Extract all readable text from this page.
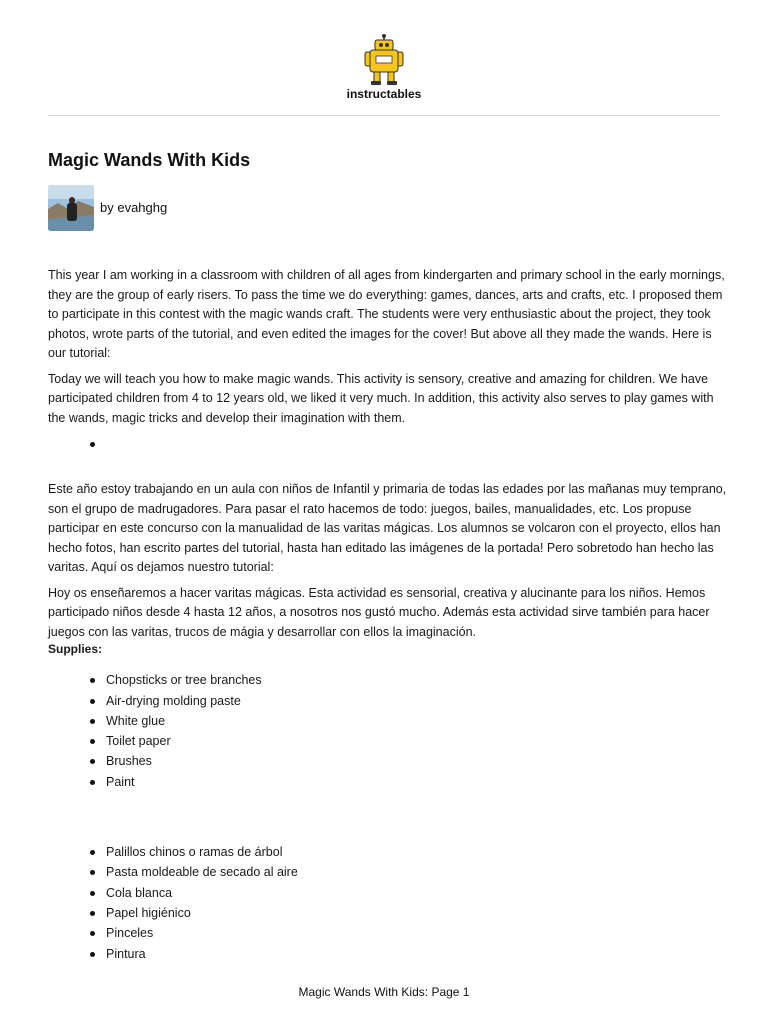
instructables
Magic Wands With Kids
by evahghg

This year I am working in a classroom with children of all ages from kindergarten and primary school in the early mornings, they are the group of early risers. To pass the time we do everything: games, dances, arts and crafts, etc. I proposed them to participate in this contest with the magic wands craft. The students were very enthusiastic about the project, they took photos, wrote parts of the tutorial, and even edited the images for the cover! But above all they made the wands. Here is our tutorial:

Today we will teach you how to make magic wands. This activity is sensory, creative and amazing for children. We have participated children from 4 to 12 years old, we liked it very much. In addition, this activity also serves to play games with the wands, magic tricks and develop their imagination with them.

Este año estoy trabajando en un aula con niños de Infantil y primaria de todas las edades por las mañanas muy temprano, son el grupo de madrugadores. Para pasar el rato hacemos de todo: juegos, bailes, manualidades, etc. Los propuse participar en este concurso con la manualidad de las varitas mágicas. Los alumnos se volcaron con el proyecto, ellos han hecho fotos, han escrito partes del tutorial, hasta han editado las imágenes de la portada! Pero sobretodo han hecho las varitas. Aquí os dejamos nuestro tutorial:

Hoy os enseñaremos a hacer varitas mágicas. Esta actividad es sensorial, creativa y alucinante para los niños. Hemos participado niños desde 4 hasta 12 años, a nosotros nos gustó mucho. Además esta actividad sirve también para hacer juegos con las varitas, trucos de mágia y desarrollar con ellos la imaginación.

Supplies:
Chopsticks or tree branches
Air-drying molding paste
White glue
Toilet paper
Brushes
Paint
Palillos chinos o ramas de árbol
Pasta moldeable de secado al aire
Cola blanca
Papel higiénico
Pinceles
Pintura
Magic Wands With Kids: Page 1
